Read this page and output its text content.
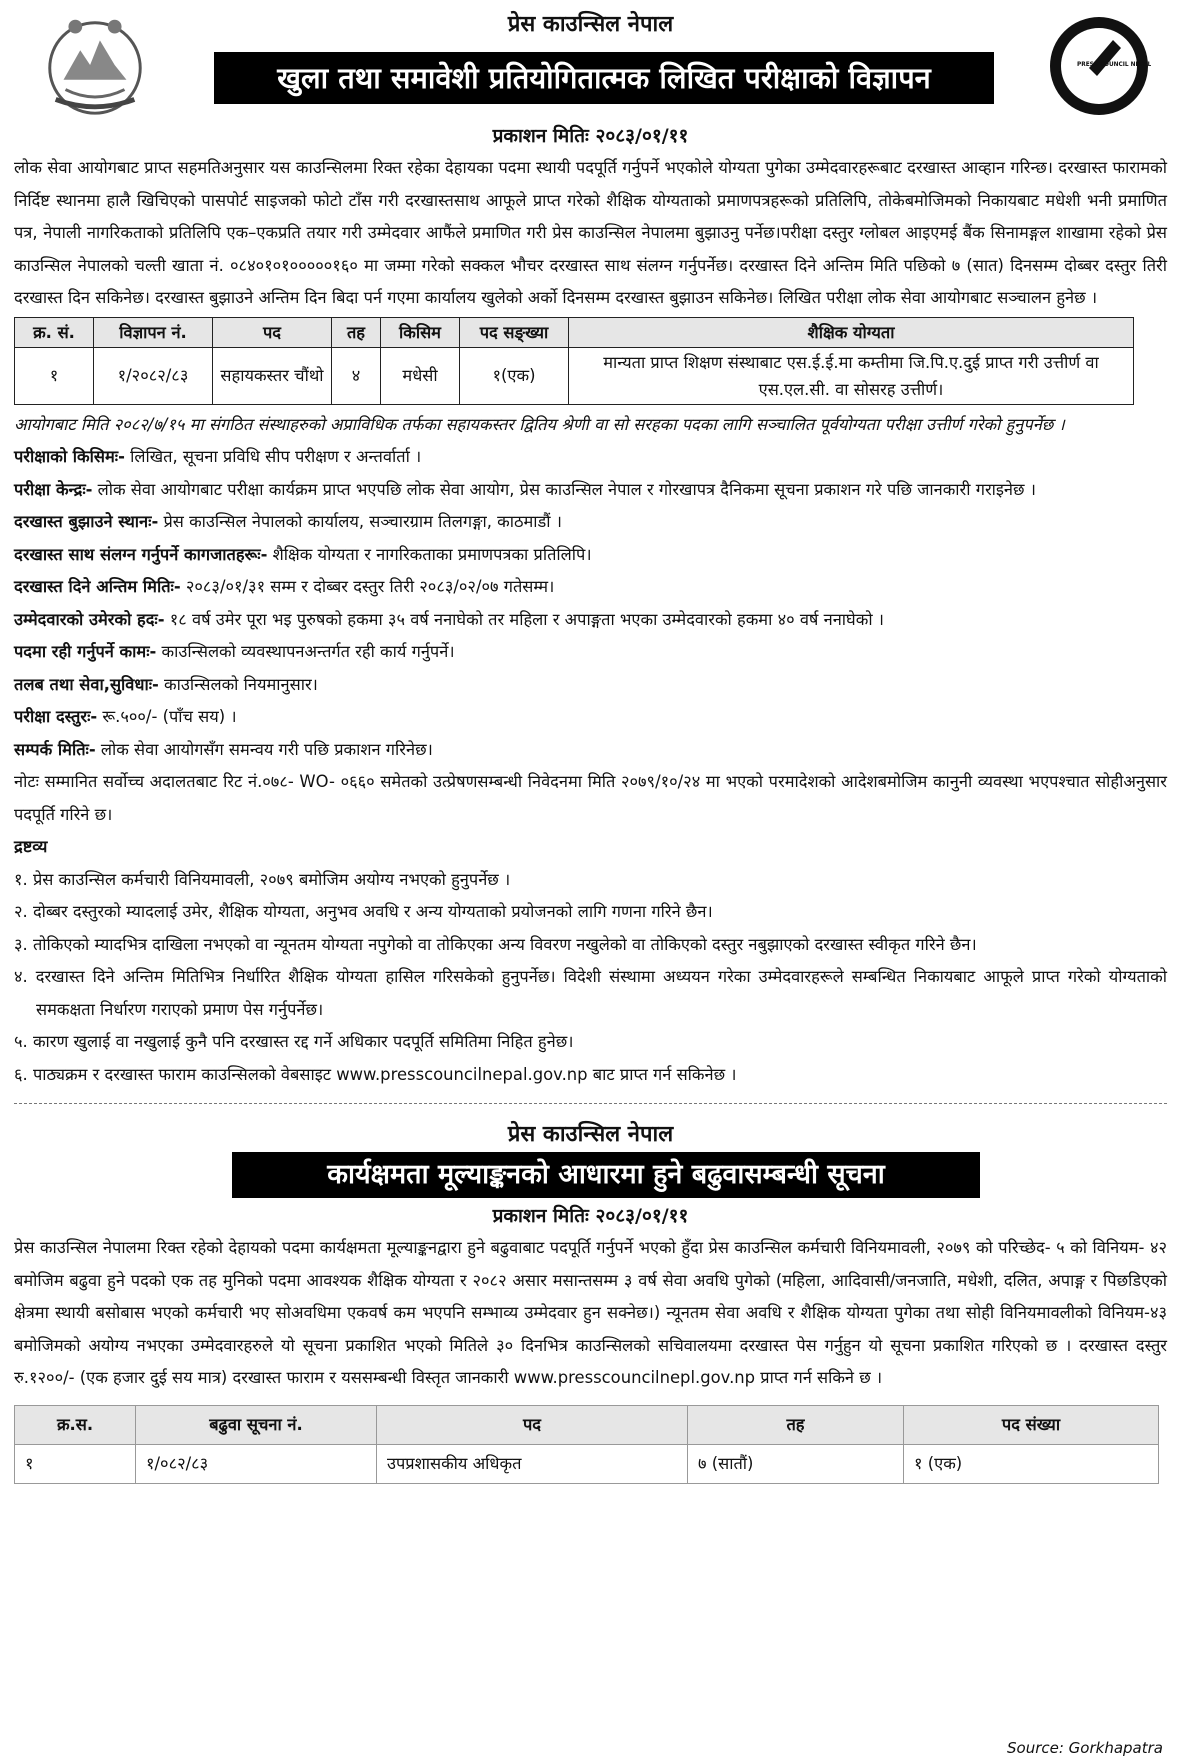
प्रेस काउन्सिल नेपाल
खुला तथा समावेशी प्रतियोगितात्मक लिखित परीक्षाको विज्ञापन	PRESS COUNCIL NEPAL
प्रकाशन मितिः २०८३/०१/११

लोक सेवा आयोगबाट प्राप्त सहमतिअनुसार यस काउन्सिलमा रिक्त रहेका देहायका पदमा स्थायी पदपूर्ति गर्नुपर्ने भएकोले योग्यता पुगेका उम्मेदवारहरूबाट दरखास्त आव्हान गरिन्छ। दरखास्त फारामको निर्दिष्ट स्थानमा हालै खिचिएको पासपोर्ट साइजको फोटो टाँस गरी दरखास्तसाथ आफूले प्राप्त गरेको शैक्षिक योग्यताको प्रमाणपत्रहरूको प्रतिलिपि, तोकेबमोजिमको निकायबाट मधेशी भनी प्रमाणित पत्र, नेपाली नागरिकताको प्रतिलिपि एक–एकप्रति तयार गरी उम्मेदवार आफैंले प्रमाणित गरी प्रेस काउन्सिल नेपालमा बुझाउनु पर्नेछ।परीक्षा दस्तुर ग्लोबल आइएमई बैंक सिनामङ्गल शाखामा रहेको प्रेस काउन्सिल नेपालको चल्ती खाता नं. ०८४०१०१०००००१६० मा जम्मा गरेको सक्कल भौचर दरखास्त साथ संलग्न गर्नुपर्नेछ। दरखास्त दिने अन्तिम मिति पछिको ७ (सात) दिनसम्म दोब्बर दस्तुर तिरी दरखास्त दिन सकिनेछ। दरखास्त बुझाउने अन्तिम दिन बिदा पर्न गएमा कार्यालय खुलेको अर्को दिनसम्म दरखास्त बुझाउन सकिनेछ। लिखित परीक्षा लोक सेवा आयोगबाट सञ्चालन हुनेछ ।

क्र. सं.	विज्ञापन नं.	पद	तह	किसिम	पद सङ्ख्या	शैक्षिक योग्यता
१	१/२०८२/८३	सहायकस्तर चौंथो	४	मधेसी	१(एक)	मान्यता प्राप्त शिक्षण संस्थाबाट एस.ई.ई.मा कम्तीमा जि.पि.ए.दुई प्राप्त गरी उत्तीर्ण वा एस.एल.सी. वा सोसरह उत्तीर्ण।

आयोगबाट मिति २०८२/७/१५ मा संगठित संस्थाहरुको अप्राविधिक तर्फका सहायकस्तर द्वितिय श्रेणी वा सो सरहका पदका लागि सञ्चालित पूर्वयोग्यता परीक्षा उत्तीर्ण गरेको हुनुपर्नेछ ।

परीक्षाको किसिमः- लिखित, सूचना प्रविधि सीप परीक्षण र अन्तर्वार्ता ।

परीक्षा केन्द्रः- लोक सेवा आयोगबाट परीक्षा कार्यक्रम प्राप्त भएपछि लोक सेवा आयोग, प्रेस काउन्सिल नेपाल र गोरखापत्र दैनिकमा सूचना प्रकाशन गरे पछि जानकारी गराइनेछ ।

दरखास्त बुझाउने स्थानः- प्रेस काउन्सिल नेपालको कार्यालय, सञ्चारग्राम तिलगङ्गा, काठमाडौं ।

दरखास्त साथ संलग्न गर्नुपर्ने कागजातहरूः- शैक्षिक योग्यता र नागरिकताका प्रमाणपत्रका प्रतिलिपि।

दरखास्त दिने अन्तिम मितिः- २०८३/०१/३१ सम्म र दोब्बर दस्तुर तिरी २०८३/०२/०७ गतेसम्म।

उम्मेदवारको उमेरको हदः- १८ वर्ष उमेर पूरा भइ पुरुषको हकमा ३५ वर्ष ननाघेको तर महिला र अपाङ्गता भएका उम्मेदवारको हकमा ४० वर्ष ननाघेको ।

पदमा रही गर्नुपर्ने कामः- काउन्सिलको व्यवस्थापनअन्तर्गत रही कार्य गर्नुपर्ने।

तलब तथा सेवा,सुविधाः- काउन्सिलको नियमानुसार।

परीक्षा दस्तुरः- रू.५००/- (पाँच सय) ।

सम्पर्क मितिः- लोक सेवा आयोगसँग समन्वय गरी पछि प्रकाशन गरिनेछ।

नोटः सम्मानित सर्वोच्च अदालतबाट रिट नं.०७८- WO- ०६६० समेतको उत्प्रेषणसम्बन्धी निवेदनमा मिति २०७९/१०/२४ मा भएको परमादेशको आदेशबमोजिम कानुनी व्यवस्था भएपश्चात सोहीअनुसार पदपूर्ति गरिने छ।

द्रष्टव्य

१. प्रेस काउन्सिल कर्मचारी विनियमावली, २०७९ बमोजिम अयोग्य नभएको हुनुपर्नेछ ।

२. दोब्बर दस्तुरको म्यादलाई उमेर, शैक्षिक योग्यता, अनुभव अवधि र अन्य योग्यताको प्रयोजनको लागि गणना गरिने छैन।

३. तोकिएको म्यादभित्र दाखिला नभएको वा न्यूनतम योग्यता नपुगेको वा तोकिएका अन्य विवरण नखुलेको वा तोकिएको दस्तुर नबुझाएको दरखास्त स्वीकृत गरिने छैन।

४. दरखास्त दिने अन्तिम मितिभित्र निर्धारित शैक्षिक योग्यता हासिल गरिसकेको हुनुपर्नेछ। विदेशी संस्थामा अध्ययन गरेका उम्मेदवारहरूले सम्बन्धित निकायबाट आफूले प्राप्त गरेको योग्यताको समकक्षता निर्धारण गराएको प्रमाण पेस गर्नुपर्नेछ।

५. कारण खुलाई वा नखुलाई कुनै पनि दरखास्त रद्द गर्ने अधिकार पदपूर्ति समितिमा निहित हुनेछ।

६. पाठ्यक्रम र दरखास्त फाराम काउन्सिलको वेबसाइट www.presscouncilnepal.gov.np बाट प्राप्त गर्न सकिनेछ ।

प्रेस काउन्सिल नेपाल
कार्यक्षमता मूल्याङ्कनको आधारमा हुने बढुवासम्बन्धी सूचना
प्रकाशन मितिः २०८३/०१/११

प्रेस काउन्सिल नेपालमा रिक्त रहेको देहायको पदमा कार्यक्षमता मूल्याङ्कनद्वारा हुने बढुवाबाट पदपूर्ति गर्नुपर्ने भएको हुँदा प्रेस काउन्सिल कर्मचारी विनियमावली, २०७९ को परिच्छेद- ५ को विनियम- ४२ बमोजिम बढुवा हुने पदको एक तह मुनिको पदमा आवश्यक शैक्षिक योग्यता र २०८२ असार मसान्तसम्म ३ वर्ष सेवा अवधि पुगेको (महिला, आदिवासी/जनजाति, मधेशी, दलित, अपाङ्ग र पिछडिएको क्षेत्रमा स्थायी बसोबास भएको कर्मचारी भए सोअवधिमा एकवर्ष कम भएपनि सम्भाव्य उम्मेदवार हुन सक्नेछ।) न्यूनतम सेवा अवधि र शैक्षिक योग्यता पुगेका तथा सोही विनियमावलीको विनियम-४३ बमोजिमको अयोग्य नभएका उम्मेदवारहरुले यो सूचना प्रकाशित भएको मितिले ३० दिनभित्र काउन्सिलको सचिवालयमा दरखास्त पेस गर्नुहुन यो सूचना प्रकाशित गरिएको छ । दरखास्त दस्तुर रु.१२००/- (एक हजार दुई सय मात्र) दरखास्त फाराम र यससम्बन्धी विस्तृत जानकारी www.presscouncilnepl.gov.np प्राप्त गर्न सकिने छ ।

क्र.स.	बढुवा सूचना नं.	पद	तह	पद संख्या
१	१/०८२/८३	उपप्रशासकीय अधिकृत	७ (सातौं)	१ (एक)
Source: Gorkhapatra
